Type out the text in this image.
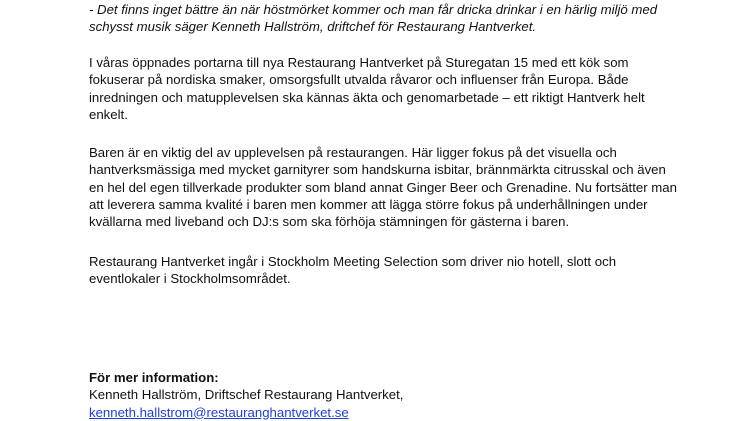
- Det finns inget bättre än när höstmörket kommer och man får dricka drinkar i en härlig miljö med
schysst musik säger Kenneth Hallström, driftchef för Restaurang Hantverket.

I våras öppnades portarna till nya Restaurang Hantverket på Sturegatan 15 med ett kök som
fokuserar på nordiska smaker, omsorgsfullt utvalda råvaror och influenser från Europa. Både
inredningen och matupplevelsen ska kännas äkta och genomarbetade – ett riktigt Hantverk helt
enkelt.

Baren är en viktig del av upplevelsen på restaurangen. Här ligger fokus på det visuella och
hantverksmässiga med mycket garnityrer som handskurna isbitar, brännmärkta citrusskal och även
en hel del egen tillverkade produkter som bland annat Ginger Beer och Grenadine. Nu fortsätter man
att leverera samma kvalité i baren men kommer att lägga större fokus på underhållningen under
kvällarna med liveband och DJ:s som ska förhöja stämningen för gästerna i baren.

Restaurang Hantverket ingår i Stockholm Meeting Selection som driver nio hotell, slott och
eventlokaler i Stockholmsområdet.

För mer information:
Kenneth Hallström, Driftschef Restaurang Hantverket,
kenneth.hallstrom@restauranghantverket.se
